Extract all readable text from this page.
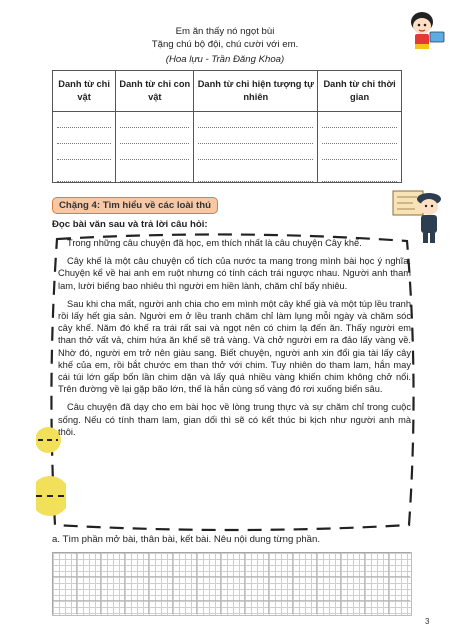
Em ăn thấy nó ngọt bùi
Tặng chú bộ đội, chú cười với em.
(Hoa lựu - Trần Đăng Khoa)
Danh từ chỉ vật	Danh từ chỉ con vật	Danh từ chỉ hiện tượng tự nhiên	Danh từ chỉ thời gian

Chặng 4: Tìm hiểu về các loài thú
Đọc bài văn sau và trả lời câu hỏi:

Trong những câu chuyện đã học, em thích nhất là câu chuyện Cây khế.

Cây khế là một câu chuyện cổ tích của nước ta mang trong mình bài học ý nghĩa. Chuyện kể về hai anh em ruột nhưng có tính cách trái ngược nhau. Người anh tham lam, lười biếng bao nhiêu thì người em hiền lành, chăm chỉ bấy nhiêu.

Sau khi cha mất, người anh chia cho em mình một cây khế già và một túp lều tranh rồi lấy hết gia sản. Người em ở lều tranh chăm chỉ làm lụng mỗi ngày và chăm sóc cây khế. Năm đó khế ra trái rất sai và ngọt nên có chim lạ đến ăn. Thấy người em than thở vất vả, chim hứa ăn khế sẽ trả vàng. Và chở người em ra đảo lấy vàng về. Nhờ đó, người em trở nên giàu sang. Biết chuyện, người anh xin đổi gia tài lấy cây khế của em, rồi bắt chước em than thở với chim. Tuy nhiên do tham lam, hắn may cái túi lớn gấp bốn lần chim dặn và lấy quá nhiều vàng khiến chim không chở nổi. Trên đường về lại gặp bão lớn, thế là hắn cùng số vàng đó rơi xuống biển sâu.

Câu chuyện đã dạy cho em bài học về lòng trung thực và sự chăm chỉ trong cuộc sống. Nếu có tính tham lam, gian dối thì sẽ có kết thúc bi kịch như người anh mà thôi.

a. Tìm phần mở bài, thân bài, kết bài. Nêu nội dung từng phần.
3
